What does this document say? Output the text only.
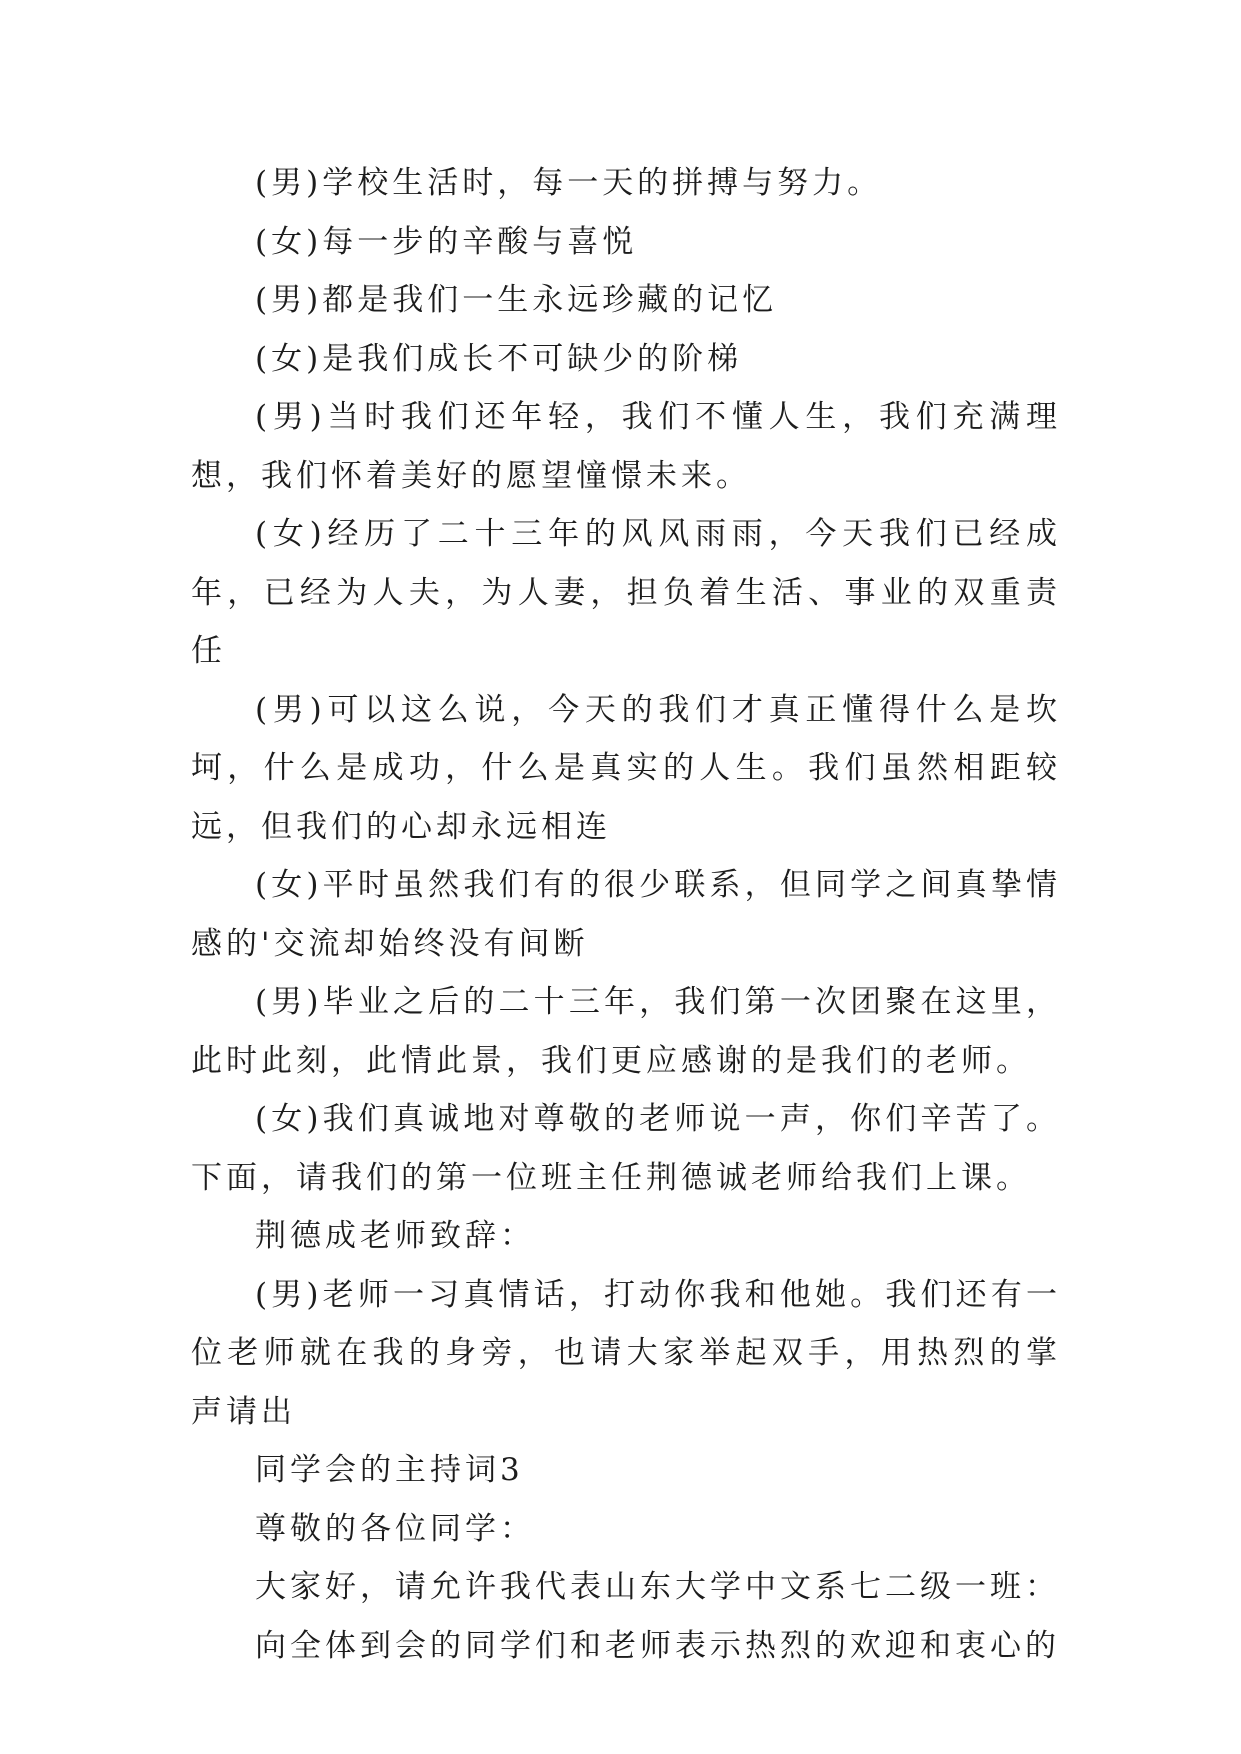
(男)学校生活时，每一天的拼搏与努力。

(女)每一步的辛酸与喜悦

(男)都是我们一生永远珍藏的记忆

(女)是我们成长不可缺少的阶梯

(男)当时我们还年轻，我们不懂人生，我们充满理想，我们怀着美好的愿望憧憬未来。

(女)经历了二十三年的风风雨雨，今天我们已经成年，已经为人夫，为人妻，担负着生活、事业的双重责任

(男)可以这么说，今天的我们才真正懂得什么是坎坷，什么是成功，什么是真实的人生。我们虽然相距较远，但我们的心却永远相连

(女)平时虽然我们有的很少联系，但同学之间真挚情感的'交流却始终没有间断

(男)毕业之后的二十三年，我们第一次团聚在这里，此时此刻，此情此景，我们更应感谢的是我们的老师。

(女)我们真诚地对尊敬的老师说一声，你们辛苦了。下面，请我们的第一位班主任荆德诚老师给我们上课。

荆德成老师致辞：

(男)老师一习真情话，打动你我和他她。我们还有一位老师就在我的身旁，也请大家举起双手，用热烈的掌声请出

同学会的主持词3

尊敬的各位同学：

大家好，请允许我代表山东大学中文系七二级一班：

向全体到会的同学们和老师表示热烈的欢迎和衷心的
